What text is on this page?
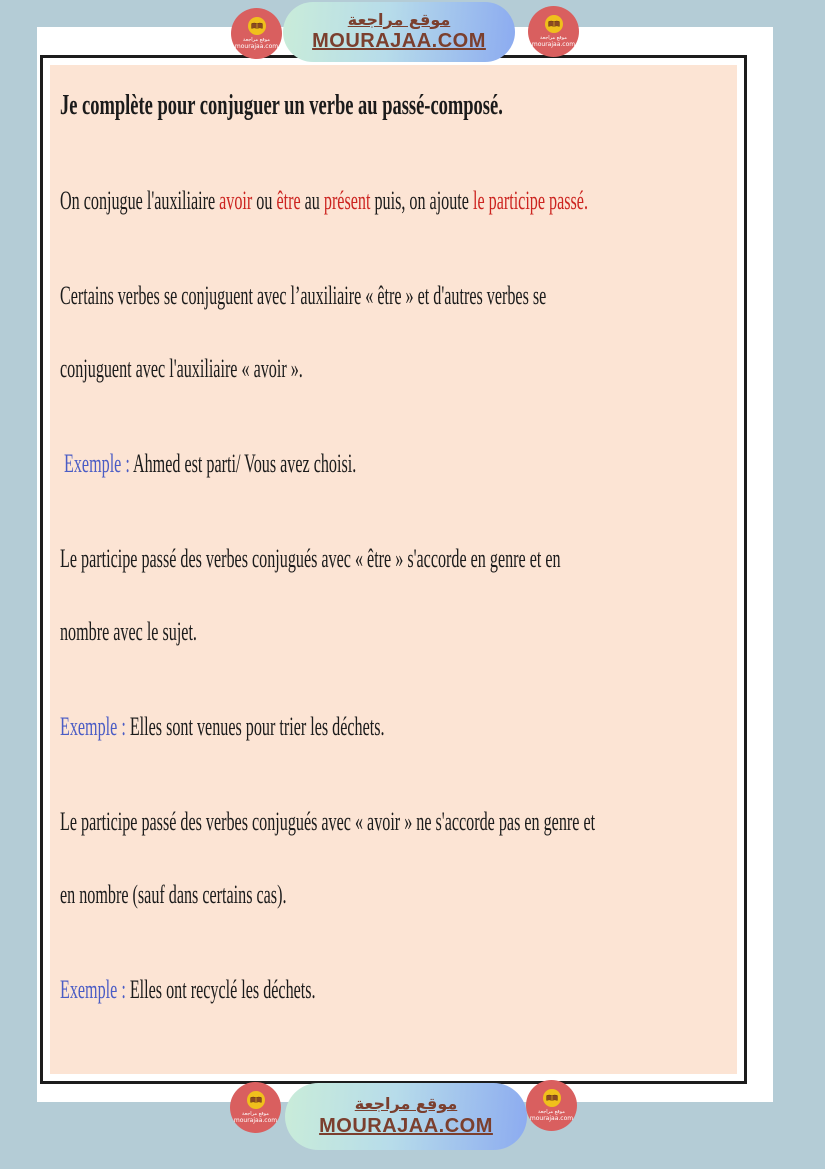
Je complète pour conjuguer un verbe au passé-composé.
On conjugue l'auxiliaire avoir ou être au présent puis, on ajoute le participe passé.
Certains verbes se conjuguent avec l’auxiliaire « être » et d'autres verbes se
conjuguent avec l'auxiliaire « avoir ».
Exemple : Ahmed est parti/ Vous avez choisi.
Le participe passé des verbes conjugués avec « être » s'accorde en genre et en
nombre avec le sujet.
Exemple : Elles sont venues pour trier les déchets.
Le participe passé des verbes conjugués avec « avoir » ne s'accorde pas en genre et
en nombre (sauf dans certains cas).
Exemple : Elles ont recyclé les déchets.
موقع مراجعة
MOURAJAA.COM
موقع مراجعة
MOURAJAA.COM
موقع مراجعة
mourajaa.com
موقع مراجعة
mourajaa.com
موقع مراجعة
mourajaa.com
موقع مراجعة
mourajaa.com
